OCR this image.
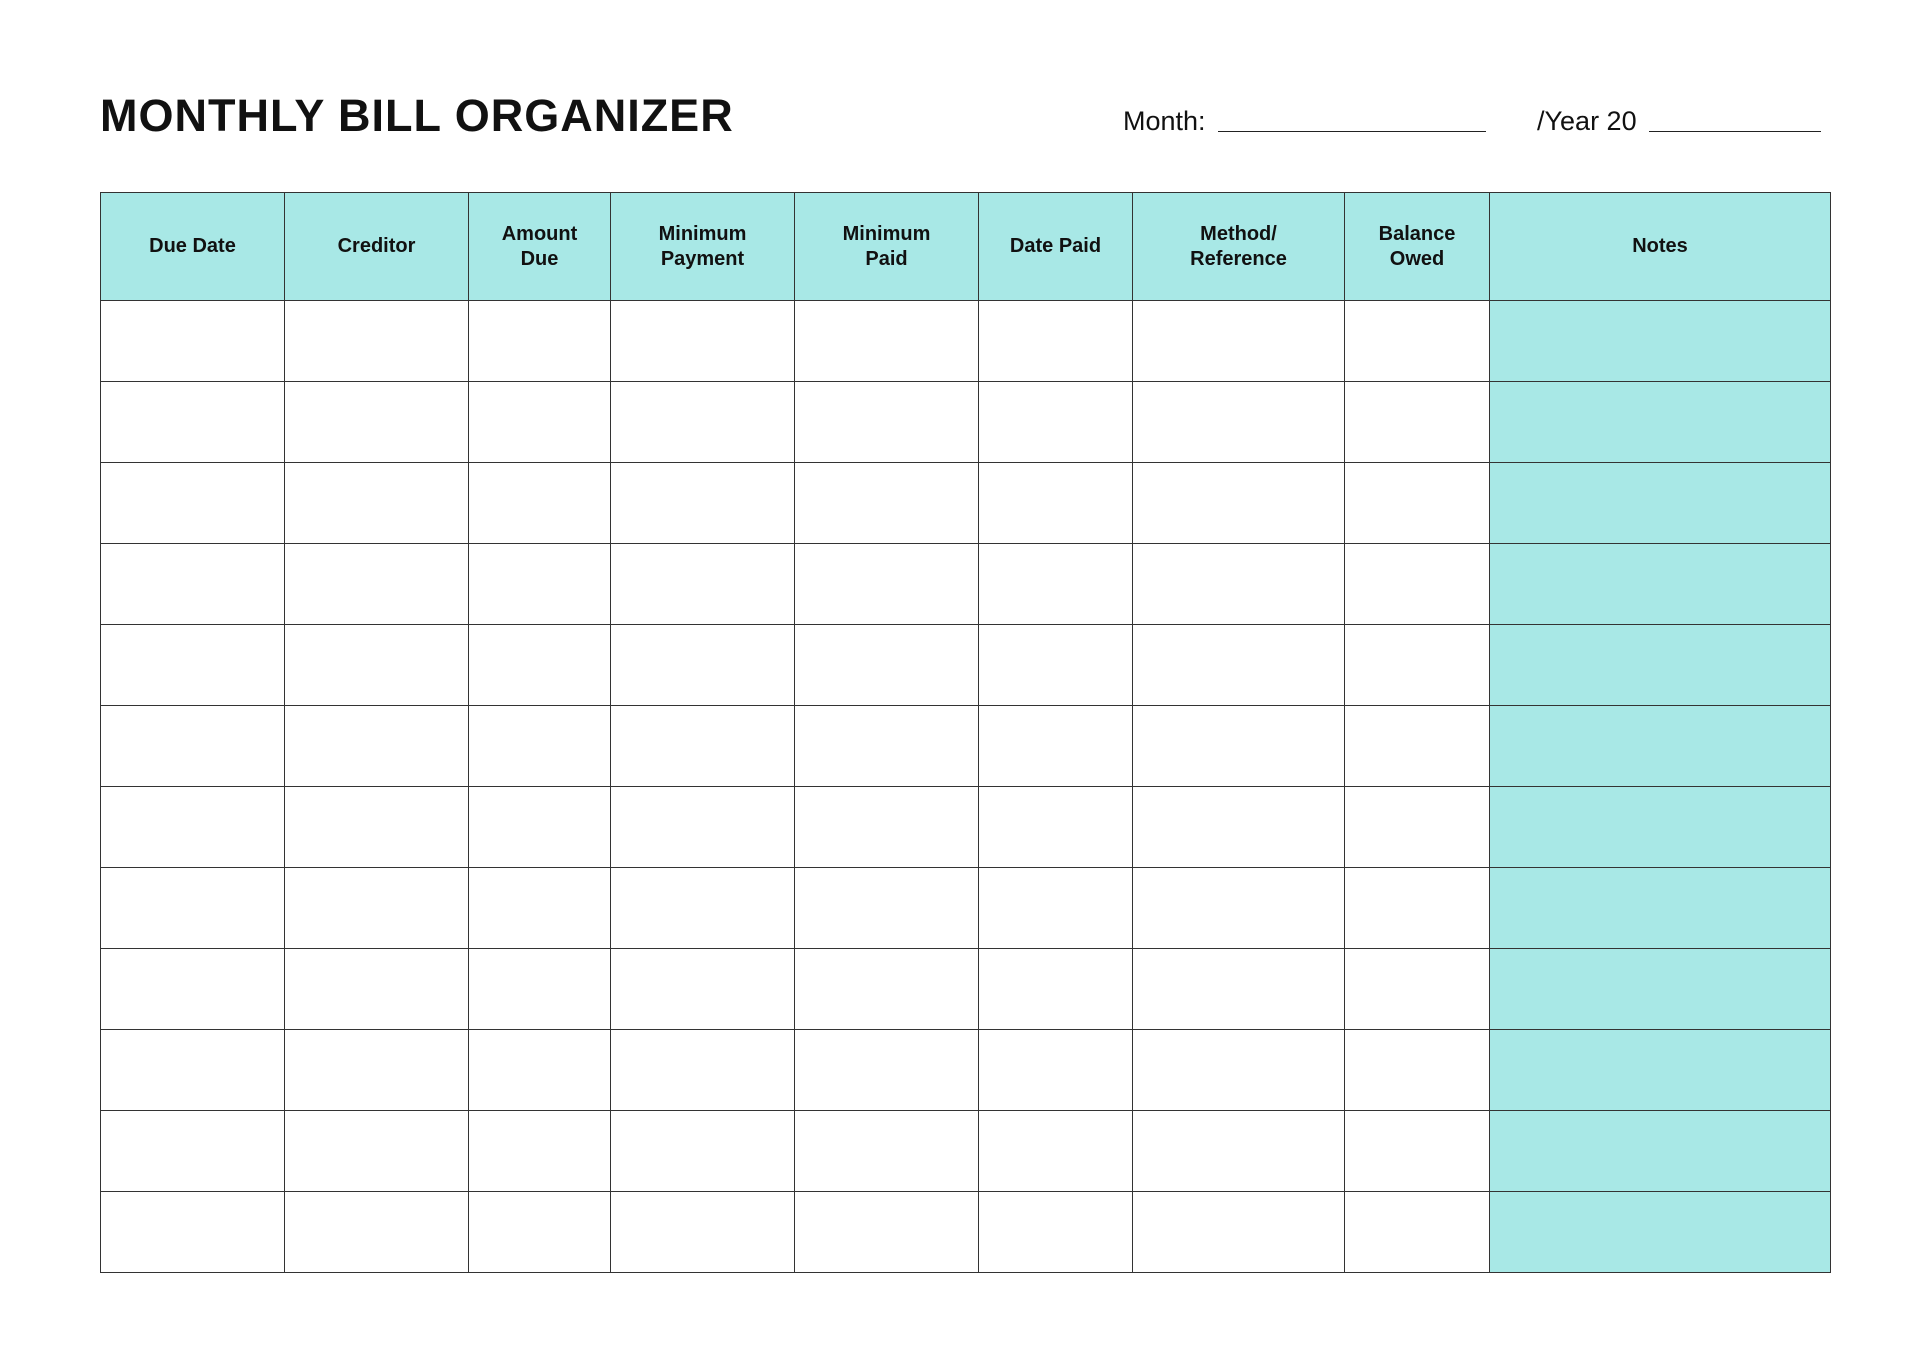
MONTHLY BILL ORGANIZER	Month:	/Year 20
Due Date	Creditor	Amount Due	Minimum Payment	Minimum Paid	Date Paid	Method/ Reference	Balance Owed	Notes
